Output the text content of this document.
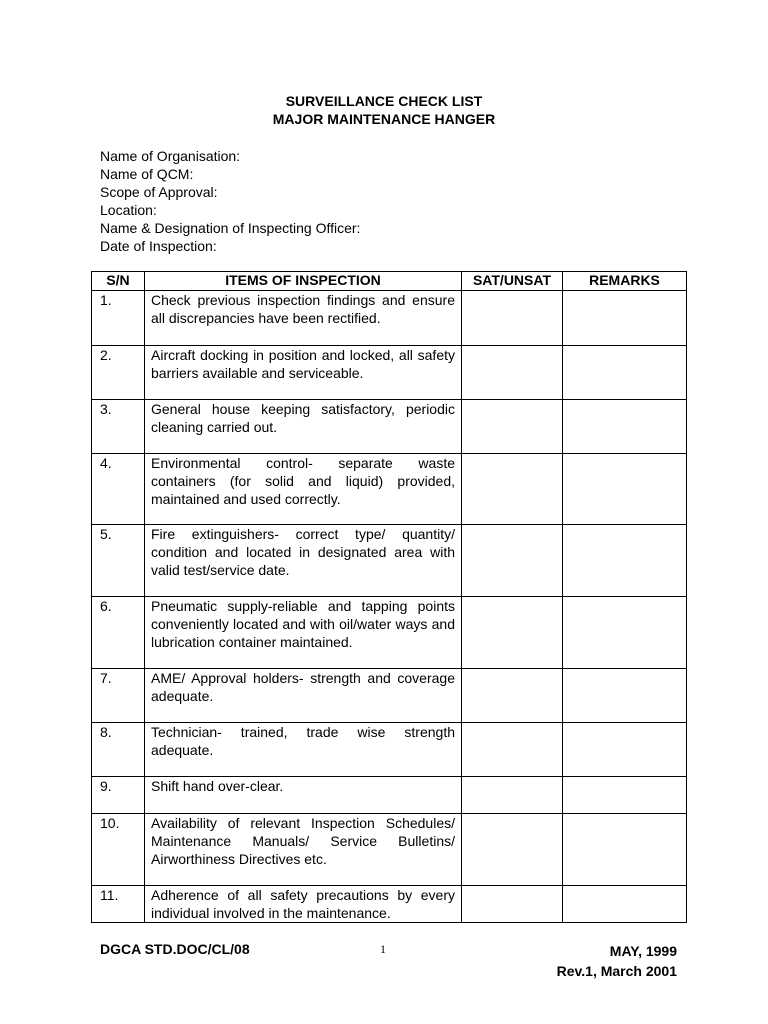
SURVEILLANCE CHECK LIST
MAJOR MAINTENANCE HANGER
Name of Organisation:
Name of QCM:
Scope of Approval:
Location:
Name & Designation of Inspecting Officer:
Date of Inspection:
S/N	ITEMS OF INSPECTION	SAT/UNSAT	REMARKS
1.	Check previous inspection findings and ensure all discrepancies have been rectified.		
2.	Aircraft docking in position and locked, all safety barriers available and serviceable.		
3.	General house keeping satisfactory, periodic cleaning carried out.		
4.	Environmental control- separate waste containers (for solid and liquid) provided, maintained and used correctly.		
5.	Fire extinguishers- correct type/ quantity/ condition and located in designated area with valid test/service date.		
6.	Pneumatic supply-reliable and tapping points conveniently located and with oil/water ways and lubrication container maintained.		
7.	AME/ Approval holders- strength and coverage adequate.		
8.	Technician- trained, trade wise strength adequate.		
9.	Shift hand over-clear.		
10.	Availability of relevant Inspection Schedules/ Maintenance Manuals/ Service Bulletins/ Airworthiness Directives etc.		
11.	Adherence of all safety precautions by every individual involved in the maintenance.		
DGCA STD.DOC/CL/08	1	MAY, 1999
Rev.1, March 2001
